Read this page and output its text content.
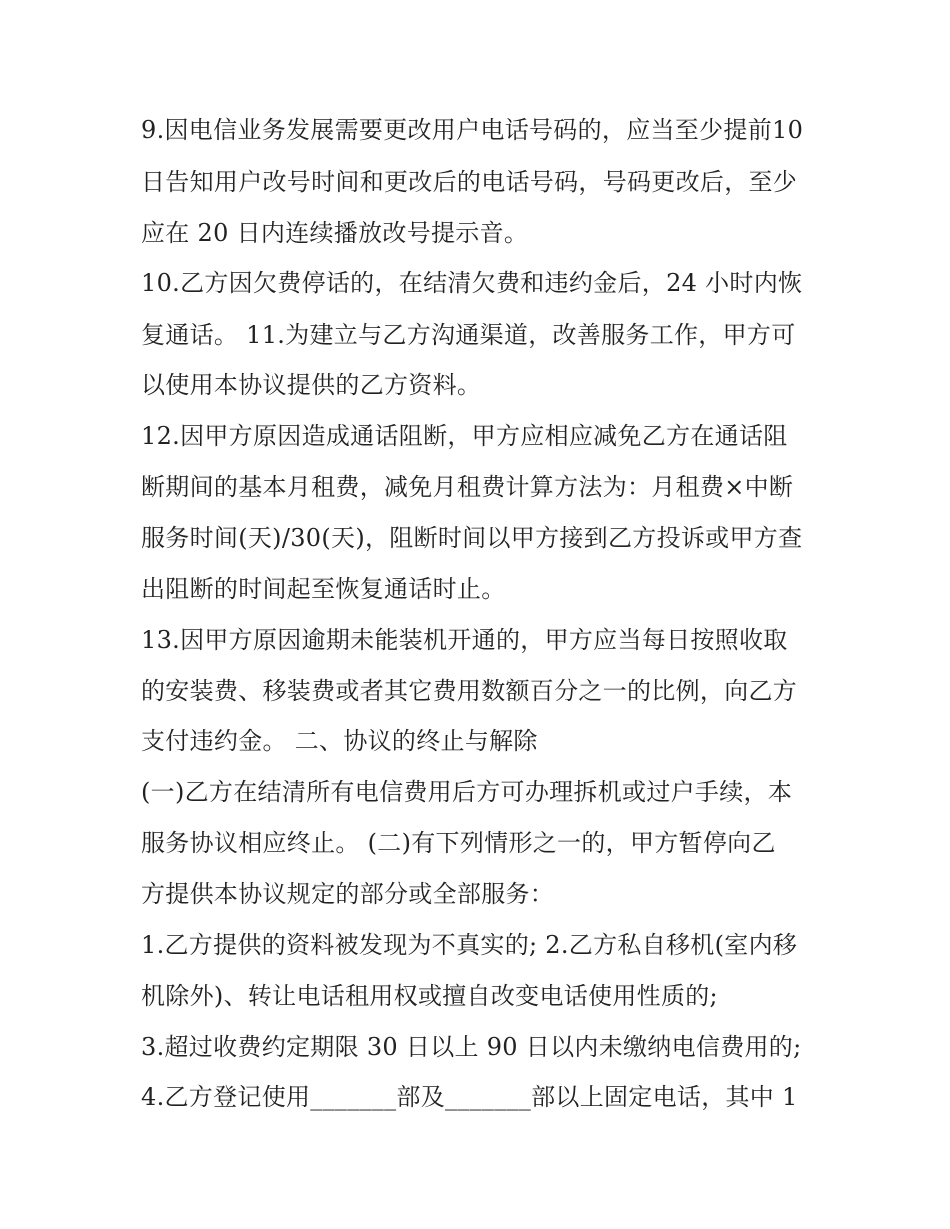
9.因电信业务发展需要更改用户电话号码的，应当至少提前10
日告知用户改号时间和更改后的电话号码，号码更改后，至少
应在 20 日内连续播放改号提示音。
10.乙方因欠费停话的，在结清欠费和违约金后，24 小时内恢
复通话。 11.为建立与乙方沟通渠道，改善服务工作，甲方可
以使用本协议提供的乙方资料。
12.因甲方原因造成通话阻断，甲方应相应减免乙方在通话阻
断期间的基本月租费，减免月租费计算方法为：月租费×中断
服务时间(天)/30(天)，阻断时间以甲方接到乙方投诉或甲方查
出阻断的时间起至恢复通话时止。
13.因甲方原因逾期未能装机开通的，甲方应当每日按照收取
的安装费、移装费或者其它费用数额百分之一的比例，向乙方
支付违约金。 二、协议的终止与解除
(一)乙方在结清所有电信费用后方可办理拆机或过户手续，本
服务协议相应终止。 (二)有下列情形之一的，甲方暂停向乙
方提供本协议规定的部分或全部服务：
1.乙方提供的资料被发现为不真实的; 2.乙方私自移机(室内移
机除外)、转让电话租用权或擅自改变电话使用性质的;
3.超过收费约定期限 30 日以上 90 日以内未缴纳电信费用的;
4.乙方登记使用_______部及_______部以上固定电话，其中 1
